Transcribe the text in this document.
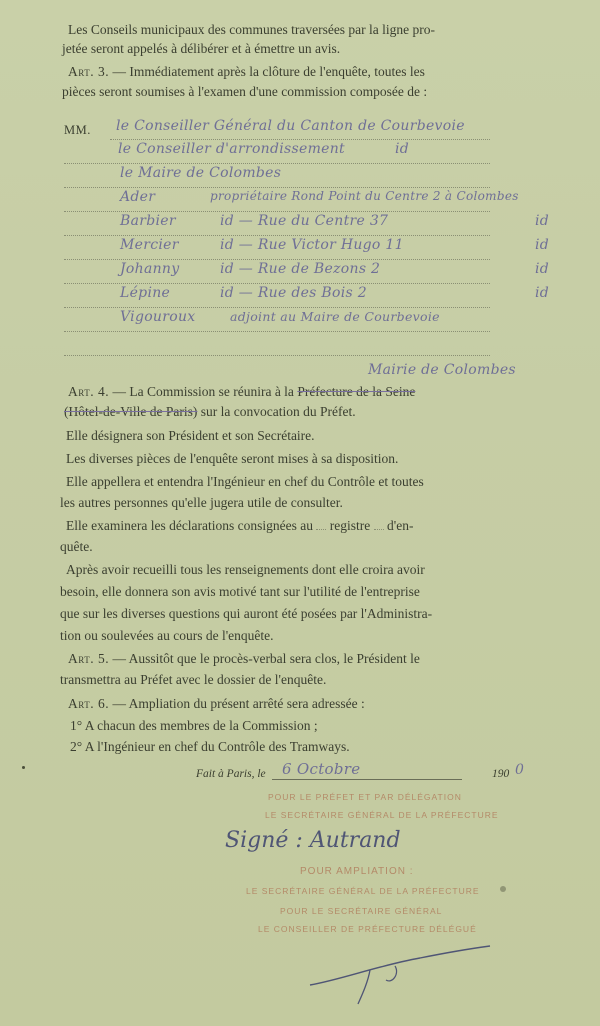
Les Conseils municipaux des communes traversées par la ligne pro-
jetée seront appelés à délibérer et à émettre un avis.
Art. 3. — Immédiatement après la clôture de l'enquête, toutes les
pièces seront soumises à l'examen d'une commission composée de :
MM. le Conseiller Général du Canton de Courbevoie
le Conseiller d'arrondissement	id
le Maire de Colombes
Ader	propriétaire Rond Point du Centre 2 à Colombes
Barbier	id — Rue du Centre 37	id
Mercier	id — Rue Victor Hugo 11	id
Johanny	id — Rue de Bezons 2	id
Lépine	id — Rue des Bois 2	id
Vigouroux	adjoint au Maire de Courbevoie
Mairie de Colombes
Art. 4. — La Commission se réunira à la Préfecture de la Seine
(Hôtel-de-Ville de Paris) sur la convocation du Préfet.
Elle désignera son Président et son Secrétaire.
Les diverses pièces de l'enquête seront mises à sa disposition.
Elle appellera et entendra l'Ingénieur en chef du Contrôle et toutes
les autres personnes qu'elle jugera utile de consulter.
Elle examinera les déclarations consignées au registre d'en-
quête.
Après avoir recueilli tous les renseignements dont elle croira avoir
besoin, elle donnera son avis motivé tant sur l'utilité de l'entreprise
que sur les diverses questions qui auront été posées par l'Administra-
tion ou soulevées au cours de l'enquête.
Art. 5. — Aussitôt que le procès-verbal sera clos, le Président le
transmettra au Préfet avec le dossier de l'enquête.
Art. 6. — Ampliation du présent arrêté sera adressée :
1° A chacun des membres de la Commission ;
2° A l'Ingénieur en chef du Contrôle des Tramways.
Fait à Paris, le 6 Octobre	190 0
POUR LE PRÉFET ET PAR DÉLÉGATION
LE SECRÉTAIRE GÉNÉRAL DE LA PRÉFECTURE
Signé : Autrand
POUR AMPLIATION :
LE SECRÉTAIRE GÉNÉRAL DE LA PRÉFECTURE
POUR LE SECRÉTAIRE GÉNÉRAL
LE CONSEILLER DE PRÉFECTURE DÉLÉGUÉ
